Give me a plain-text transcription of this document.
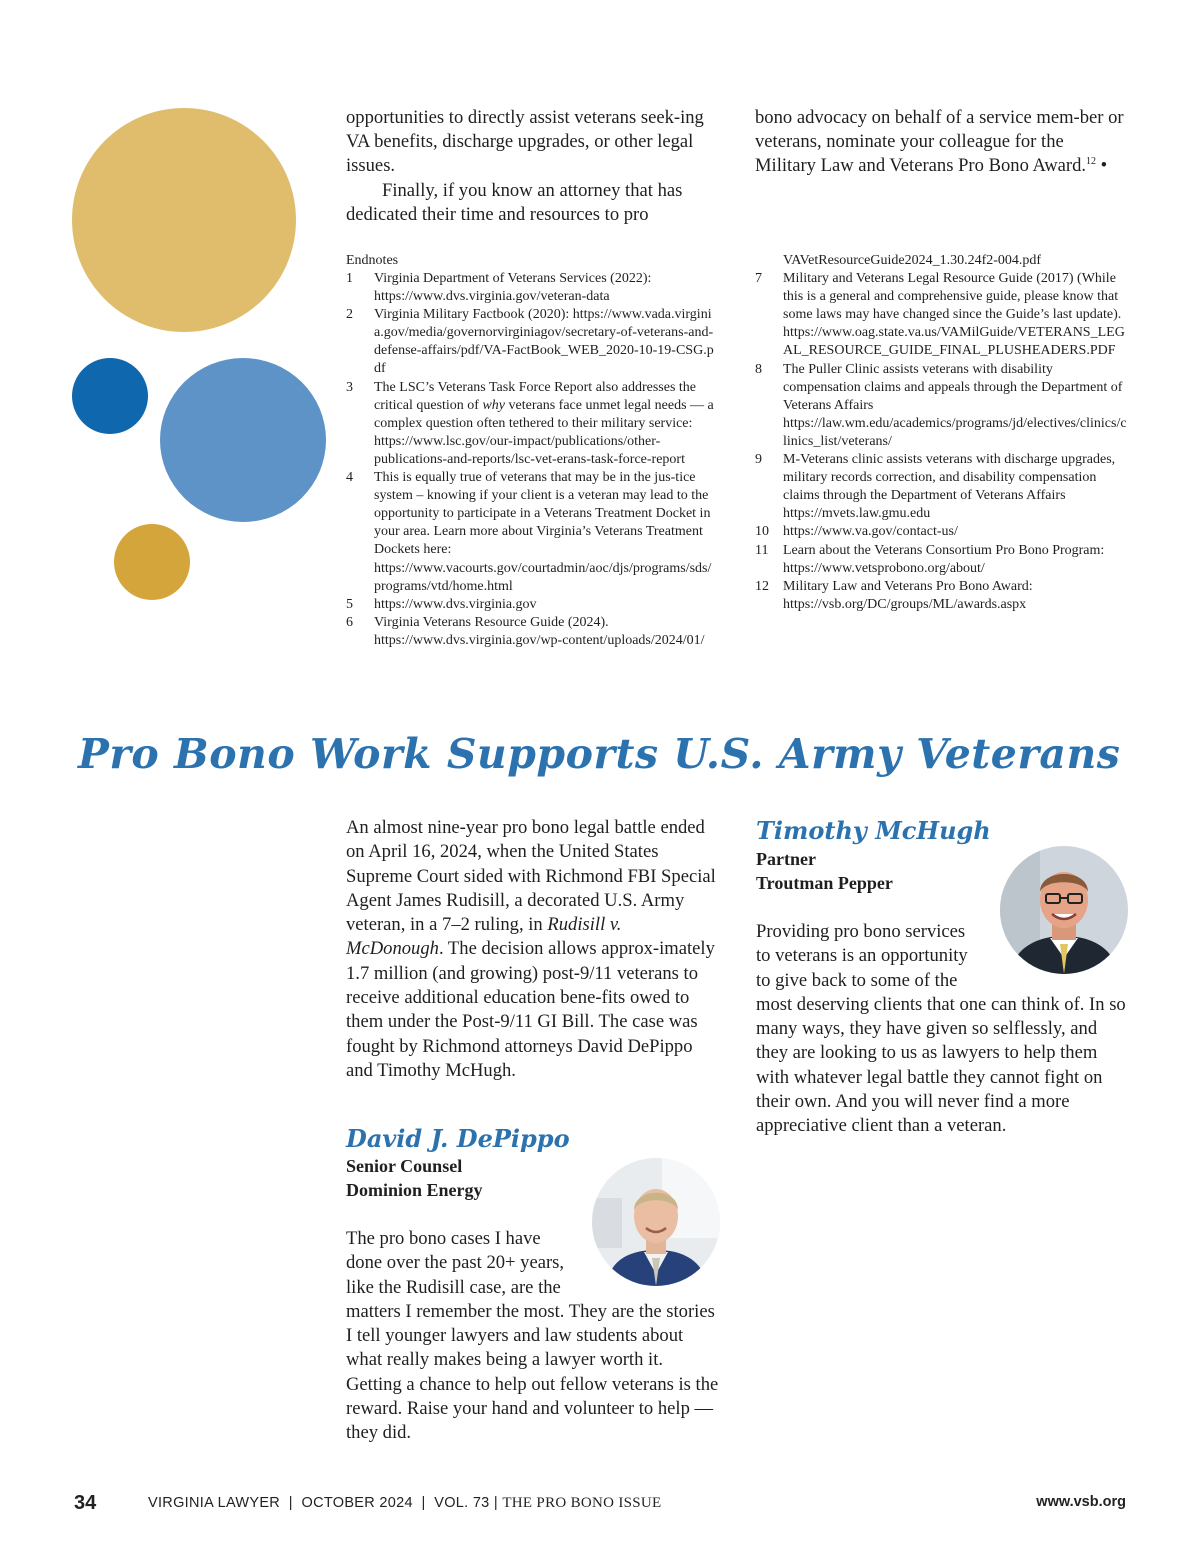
opportunities to directly assist veterans seek-ing VA benefits, discharge upgrades, or other legal issues.

Finally, if you know an attorney that has dedicated their time and resources to pro

bono advocacy on behalf of a service mem-ber or veterans, nominate your colleague for the Military Law and Veterans Pro Bono Award.$^{12}$ •

Endnotes

1	Virginia Department of Veterans Services (2022): https://www.dvs.virginia.gov/veteran-data
2	Virginia Military Factbook (2020): https://www.vada.virginia.gov/media/governorvirginiagov/secretary-of-veterans-and-defense-affairs/pdf/VA-FactBook_WEB_2020-10-19-CSG.pdf
3	The LSC’s Veterans Task Force Report also addresses the critical question of why veterans face unmet legal needs — a complex question often tethered to their military service: https://www.lsc.gov/our-impact/publications/other-publications-and-reports/lsc-vet-erans-task-force-report
4	This is equally true of veterans that may be in the jus-tice system – knowing if your client is a veteran may lead to the opportunity to participate in a Veterans Treatment Docket in your area. Learn more about Virginia’s Veterans Treatment Dockets here: https://www.vacourts.gov/courtadmin/aoc/djs/programs/sds/programs/vtd/home.html
5	https://www.dvs.virginia.gov
6	Virginia Veterans Resource Guide (2024). https://www.dvs.virginia.gov/wp-content/uploads/2024/01/

VAVetResourceGuide2024_1.30.24f2-004.pdf

7	Military and Veterans Legal Resource Guide (2017) (While this is a general and comprehensive guide, please know that some laws may have changed since the Guide’s last update). https://www.oag.state.va.us/VAMilGuide/VETERANS_LEGAL_RESOURCE_GUIDE_FINAL_PLUSHEADERS.PDF
8	The Puller Clinic assists veterans with disability compensation claims and appeals through the Department of Veterans Affairs https://law.wm.edu/academics/programs/jd/electives/clinics/clinics_list/veterans/
9	M-Veterans clinic assists veterans with discharge upgrades, military records correction, and disability compensation claims through the Department of Veterans Affairs https://mvets.law.gmu.edu
10	https://www.va.gov/contact-us/
11	Learn about the Veterans Consortium Pro Bono Program: https://www.vetsprobono.org/about/
12	Military Law and Veterans Pro Bono Award: https://vsb.org/DC/groups/ML/awards.aspx
Pro Bono Work Supports U.S. Army Veterans

An almost nine-year pro bono legal battle ended on April 16, 2024, when the United States Supreme Court sided with Richmond FBI Special Agent James Rudisill, a decorated U.S. Army veteran, in a 7–2 ruling, in Rudisill v. McDonough. The decision allows approx-imately 1.7 million (and growing) post-9/11 veterans to receive additional education bene-fits owed to them under the Post-9/11 GI Bill. The case was fought by Richmond attorneys David DePippo and Timothy McHugh.

David J. DePippo
Senior Counsel
Dominion Energy

The pro bono cases I have

done over the past 20+ years,

like the Rudisill case, are the

matters I remember the most. They are the stories I tell younger lawyers and law students about what really makes being a lawyer worth it. Getting a chance to help out fellow veterans is the reward. Raise your hand and volunteer to help — they did.

Timothy McHugh
Partner
Troutman Pepper

Providing pro bono services

to veterans is an opportunity

to give back to some of the

most deserving clients that one can think of. In so many ways, they have given so selflessly, and they are looking to us as lawyers to help them with whatever legal battle they cannot fight on their own. And you will never find a more appreciative client than a veteran.

34	VIRGINIA LAWYER | OCTOBER 2024 | VOL. 73 | THE PRO BONO ISSUE	www.vsb.org
